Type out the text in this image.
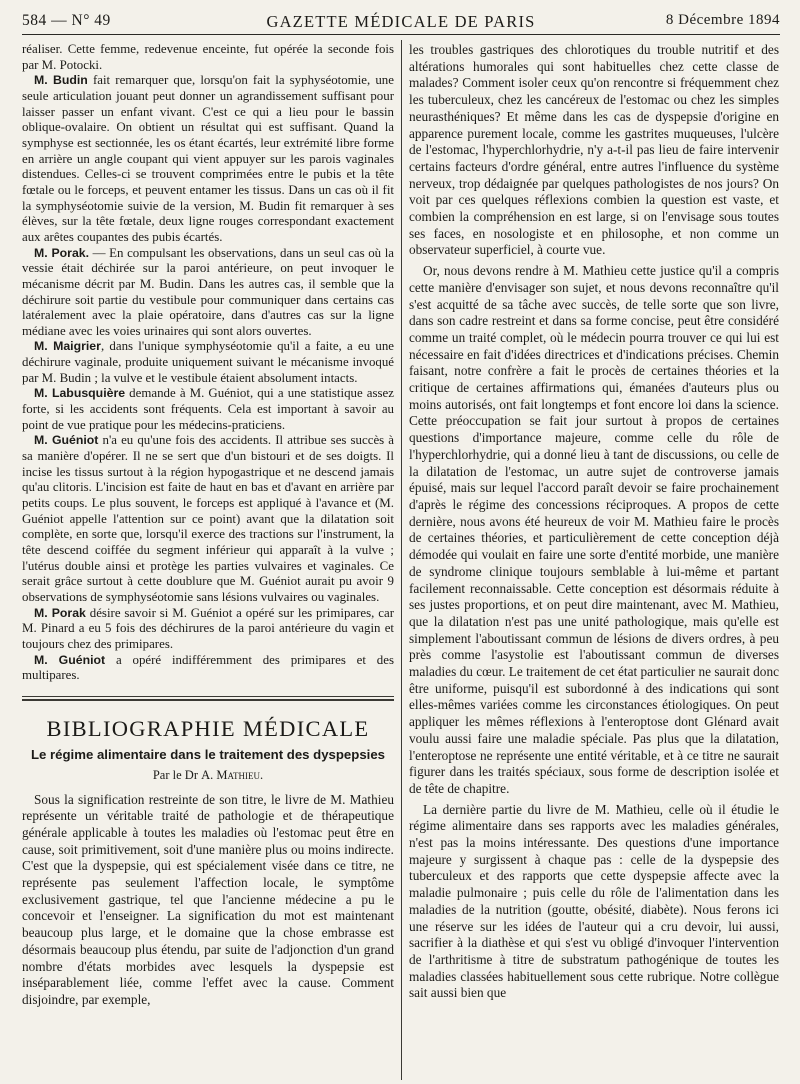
584 — N° 49	GAZETTE MÉDICALE DE PARIS	8 Décembre 1894

réaliser. Cette femme, redevenue enceinte, fut opérée la seconde fois par M. Potocki.

M. Budin fait remarquer que, lorsqu'on fait la syphyséotomie, une seule articulation jouant peut donner un agrandissement suffisant pour laisser passer un enfant vivant. C'est ce qui a lieu pour le bassin oblique-ovalaire. On obtient un résultat qui est suffisant. Quand la symphyse est sectionnée, les os étant écartés, leur extrémité libre forme en arrière un angle coupant qui vient appuyer sur les parois vaginales distendues. Celles-ci se trouvent comprimées entre le pubis et la tête fœtale ou le forceps, et peuvent entamer les tissus. Dans un cas où il fit la symphyséotomie suivie de la version, M. Budin fit remarquer à ses élèves, sur la tête fœtale, deux ligne rouges correspondant exactement aux arêtes coupantes des pubis écartés.

M. Porak. — En compulsant les observations, dans un seul cas où la vessie était déchirée sur la paroi antérieure, on peut invoquer le mécanisme décrit par M. Budin. Dans les autres cas, il semble que la déchirure soit partie du vestibule pour communiquer dans certains cas latéralement avec la plaie opératoire, dans d'autres cas sur la ligne médiane avec les voies urinaires qui sont alors ouvertes.

M. Maigrier, dans l'unique symphyséotomie qu'il a faite, a eu une déchirure vaginale, produite uniquement suivant le mécanisme invoqué par M. Budin ; la vulve et le vestibule étaient absolument intacts.

M. Labusquière demande à M. Guéniot, qui a une statistique assez forte, si les accidents sont fréquents. Cela est important à savoir au point de vue pratique pour les médecins-praticiens.

M. Guéniot n'a eu qu'une fois des accidents. Il attribue ses succès à sa manière d'opérer. Il ne se sert que d'un bistouri et de ses doigts. Il incise les tissus surtout à la région hypogastrique et ne descend jamais qu'au clitoris. L'incision est faite de haut en bas et d'avant en arrière par petits coups. Le plus souvent, le forceps est appliqué à l'avance et (M. Guéniot appelle l'attention sur ce point) avant que la dilatation soit complète, en sorte que, lorsqu'il exerce des tractions sur l'instrument, la tête descend coiffée du segment inférieur qui apparaît à la vulve ; l'utérus double ainsi et protège les parties vulvaires et vaginales. Ce serait grâce surtout à cette doublure que M. Guéniot aurait pu avoir 9 observations de symphyséotomie sans lésions vulvaires ou vaginales.

M. Porak désire savoir si M. Guéniot a opéré sur les primipares, car M. Pinard a eu 5 fois des déchirures de la paroi antérieure du vagin et toujours chez des primipares.

M. Guéniot a opéré indifféremment des primipares et des multipares.

BIBLIOGRAPHIE MÉDICALE
Le régime alimentaire dans le traitement des dyspepsies
Par le Dr A. Mathieu.

Sous la signification restreinte de son titre, le livre de M. Mathieu représente un véritable traité de pathologie et de thérapeutique générale applicable à toutes les maladies où l'estomac peut être en cause, soit primitivement, soit d'une manière plus ou moins indirecte. C'est que la dyspepsie, qui est spécialement visée dans ce titre, ne représente pas seulement l'affection locale, le symptôme exclusivement gastrique, tel que l'ancienne médecine a pu le concevoir et l'enseigner. La signification du mot est maintenant beaucoup plus large, et le domaine que la chose embrasse est désormais beaucoup plus étendu, par suite de l'adjonction d'un grand nombre d'états morbides avec lesquels la dyspepsie est inséparablement liée, comme l'effet avec la cause. Comment disjoindre, par exemple,

les troubles gastriques des chlorotiques du trouble nutritif et des altérations humorales qui sont habituelles chez cette classe de malades? Comment isoler ceux qu'on rencontre si fréquemment chez les tuberculeux, chez les cancéreux de l'estomac ou chez les simples neurasthéniques? Et même dans les cas de dyspepsie d'origine en apparence purement locale, comme les gastrites muqueuses, l'ulcère de l'estomac, l'hyperchlorhydrie, n'y a-t-il pas lieu de faire intervenir certains facteurs d'ordre général, entre autres l'influence du système nerveux, trop dédaignée par quelques pathologistes de nos jours? On voit par ces quelques réflexions combien la question est vaste, et combien la compréhension en est large, si on l'envisage sous toutes ses faces, en nosologiste et en philosophe, et non comme un observateur superficiel, à courte vue.

Or, nous devons rendre à M. Mathieu cette justice qu'il a compris cette manière d'envisager son sujet, et nous devons reconnaître qu'il s'est acquitté de sa tâche avec succès, de telle sorte que son livre, dans son cadre restreint et dans sa forme concise, peut être considéré comme un traité complet, où le médecin pourra trouver ce qui lui est nécessaire en fait d'idées directrices et d'indications précises. Chemin faisant, notre confrère a fait le procès de certaines théories et la critique de certaines affirmations qui, émanées d'auteurs plus ou moins autorisés, ont fait longtemps et font encore loi dans la science. Cette préoccupation se fait jour surtout à propos de certaines questions d'importance majeure, comme celle du rôle de l'hyperchlorhydrie, qui a donné lieu à tant de discussions, ou celle de la dilatation de l'estomac, un autre sujet de controverse jamais épuisé, mais sur lequel l'accord paraît devoir se faire prochainement d'après le régime des concessions réciproques. A propos de cette dernière, nous avons été heureux de voir M. Mathieu faire le procès de certaines théories, et particulièrement de cette conception déjà démodée qui voulait en faire une sorte d'entité morbide, une manière de syndrome clinique toujours semblable à lui-même et partant facilement reconnaissable. Cette conception est désormais réduite à ses justes proportions, et on peut dire maintenant, avec M. Mathieu, que la dilatation n'est pas une unité pathologique, mais qu'elle est simplement l'aboutissant commun de lésions de divers ordres, à peu près comme l'asystolie est l'aboutissant commun de diverses maladies du cœur. Le traitement de cet état particulier ne saurait donc être uniforme, puisqu'il est subordonné à des indications qui sont elles-mêmes variées comme les circonstances étiologiques. On peut appliquer les mêmes réflexions à l'enteroptose dont Glénard avait voulu aussi faire une maladie spéciale. Pas plus que la dilatation, l'enteroptose ne représente une entité véritable, et à ce titre ne saurait figurer dans les traités spéciaux, sous forme de description isolée et de tête de chapitre.

La dernière partie du livre de M. Mathieu, celle où il étudie le régime alimentaire dans ses rapports avec les maladies générales, n'est pas la moins intéressante. Des questions d'une importance majeure y surgissent à chaque pas : celle de la dyspepsie des tuberculeux et des rapports que cette dyspepsie affecte avec la maladie pulmonaire ; puis celle du rôle de l'alimentation dans les maladies de la nutrition (goutte, obésité, diabète). Nous ferons ici une réserve sur les idées de l'auteur qui a cru devoir, lui aussi, sacrifier à la diathèse et qui s'est vu obligé d'invoquer l'intervention de l'arthritisme à titre de substratum pathogénique de toutes les maladies classées habituellement sous cette rubrique. Notre collègue sait aussi bien que
